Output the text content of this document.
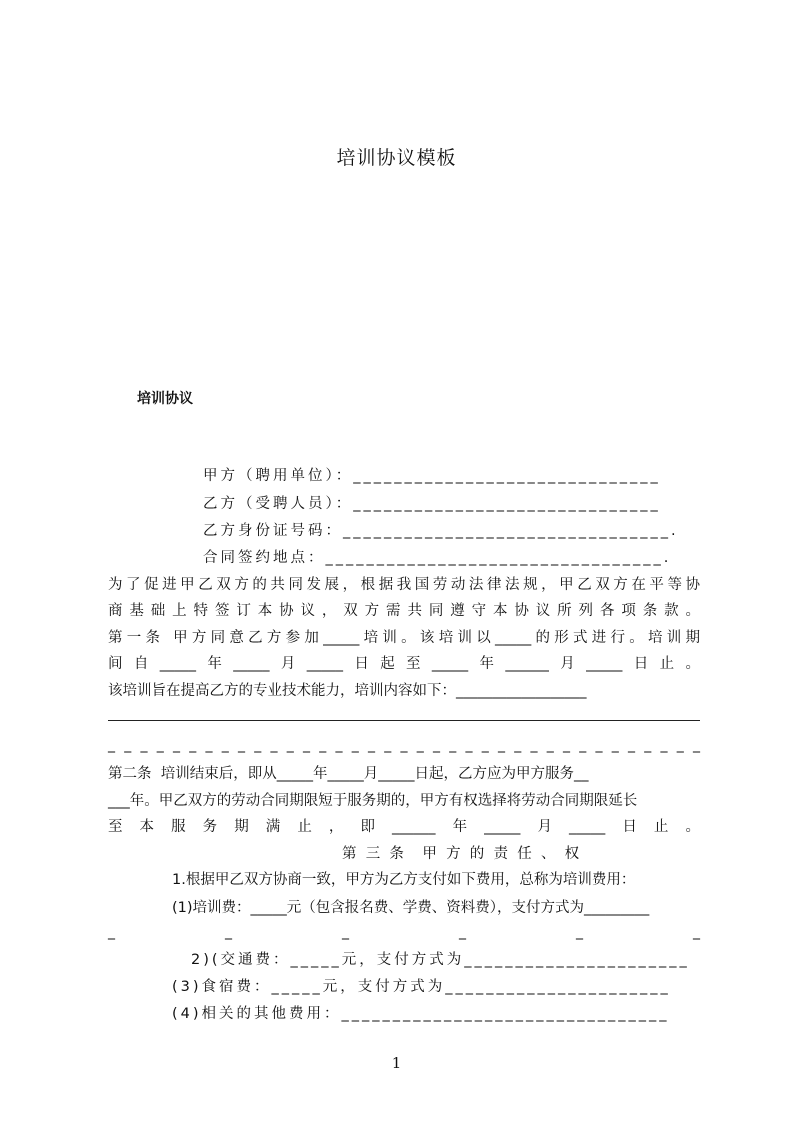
培训协议模板
培训协议
甲方（聘用单位）：______________________________
乙方（受聘人员）：______________________________
乙方身份证号码：________________________________.
合同签约地点：_________________________________.
为了促进甲乙双方的共同发展，根据我国劳动法律法规，甲乙双方在平等协
商基础上特签订本协议，双方需共同遵守本协议所列各项条款。
第一条 甲方同意乙方参加_____培训。该培训以_____的形式进行。培训期
间自_____年_____月_____日起至_____年______月_____日止。
该培训旨在提高乙方的专业技术能力，培训内容如下：__________________
_ _ _ _ _ _ _ _ _ _ _ _ _ _ _ _ _ _ _ _ _ _ _ _ _ _ _ _ _ _ _ _ _ _ _ _ _
第二条  培训结束后，即从_____年_____月_____日起，乙方应为甲方服务__
___年。甲乙双方的劳动合同期限短于服务期的，甲方有权选择将劳动合同期限延长
至本服务期满止，即______年_____月_____日止。
第  三  条    甲  方  的  责  任  、  权
1.根据甲乙双方协商一致，甲方为乙方支付如下费用，总称为培训费用：
(1)培训费：_____元（包含报名费、学费、资料费），支付方式为_________
_	_	_	_	_	_
2)(交通费：_____元，支付方式为______________________
(3)食宿费：_____元，支付方式为______________________
(4)相关的其他费用：________________________________
1
